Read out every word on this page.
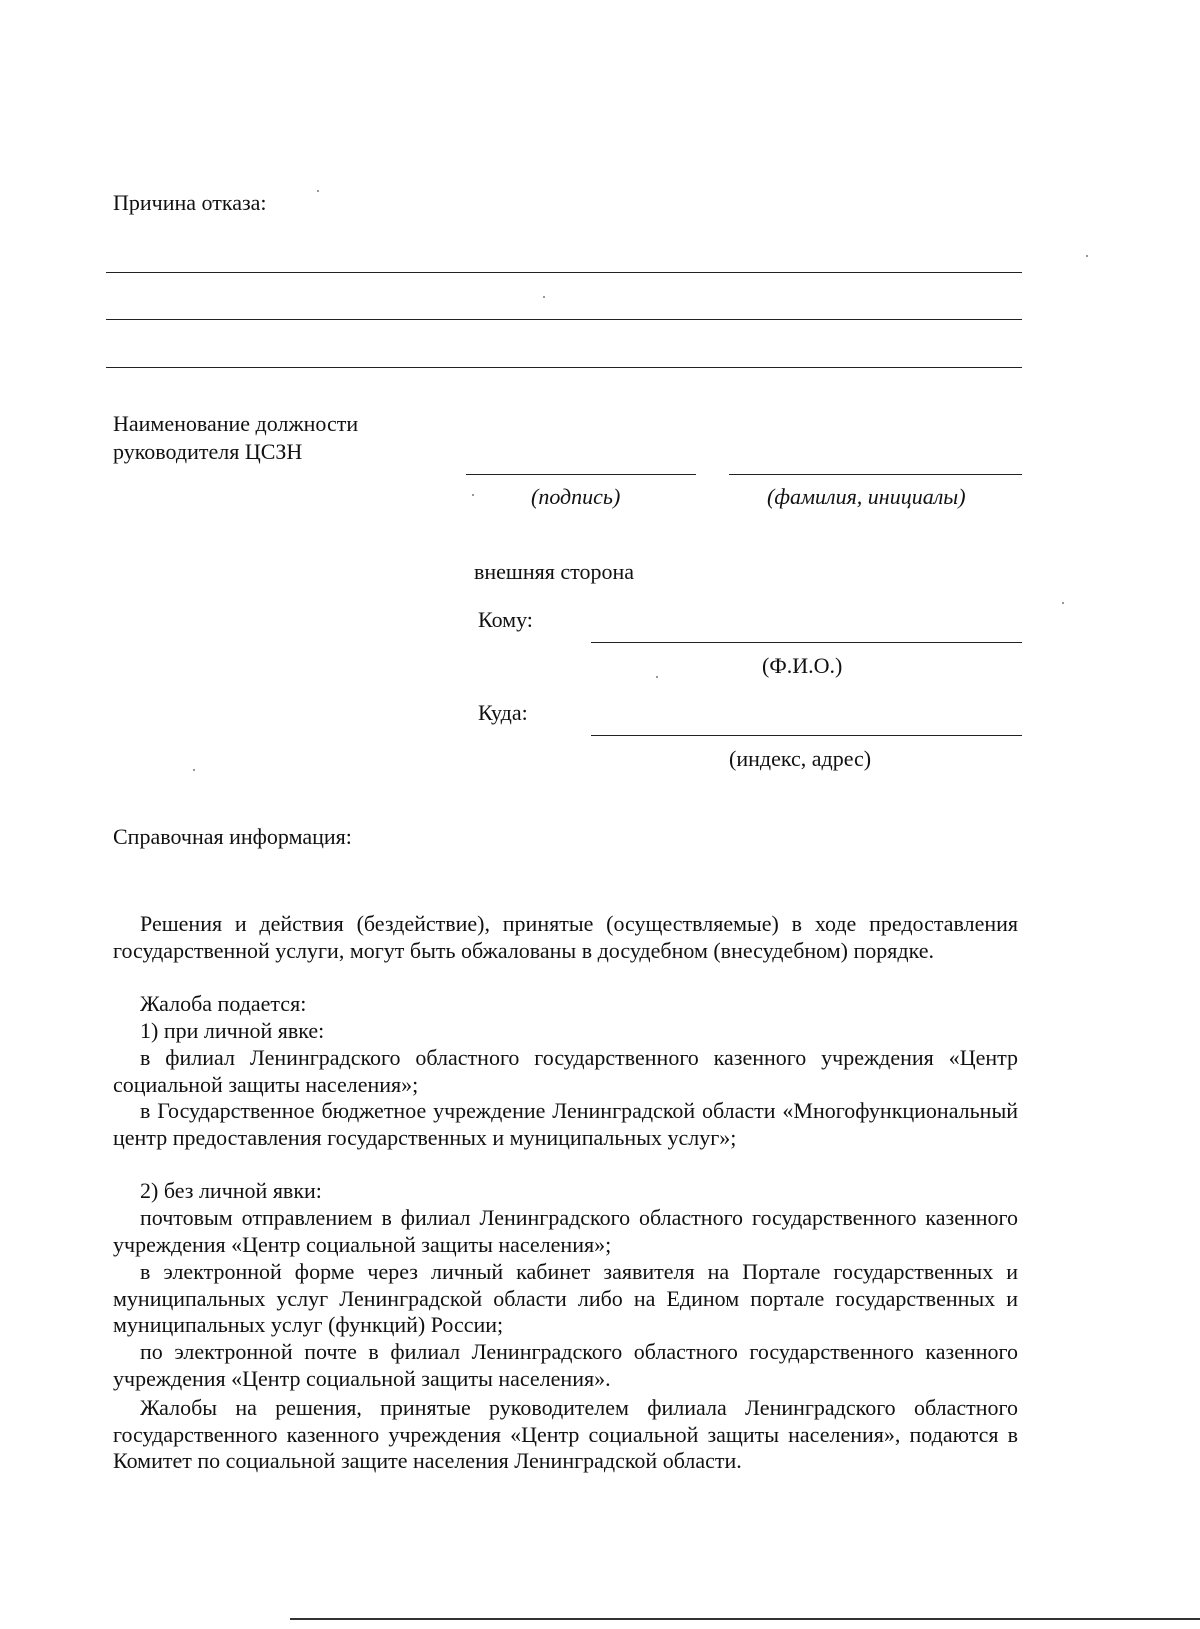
Причина отказа:
Наименование должности
руководителя ЦСЗН
(подпись)	(фамилия, инициалы)
внешняя сторона
Кому:
(Ф.И.О.)
Куда:
(индекс, адрес)
Справочная информация:
Решения и действия (бездействие), принятые (осуществляемые) в ходе предоставления государственной услуги, могут быть обжалованы в досудебном (внесудебном) порядке.
Жалоба подается:
1) при личной явке:
в филиал Ленинградского областного государственного казенного учреждения «Центр социальной защиты населения»;
в Государственное бюджетное учреждение Ленинградской области «Многофункциональный центр предоставления государственных и муниципальных услуг»;
2) без личной явки:
почтовым отправлением в филиал Ленинградского областного государственного казенного учреждения «Центр социальной защиты населения»;
в электронной форме через личный кабинет заявителя на Портале государственных и муниципальных услуг Ленинградской области либо на Едином портале государственных и муниципальных услуг (функций) России;
по электронной почте в филиал Ленинградского областного государственного казенного учреждения «Центр социальной защиты населения».
Жалобы на решения, принятые руководителем филиала Ленинградского областного государственного казенного учреждения «Центр социальной защиты населения», подаются в Комитет по социальной защите населения Ленинградской области.
